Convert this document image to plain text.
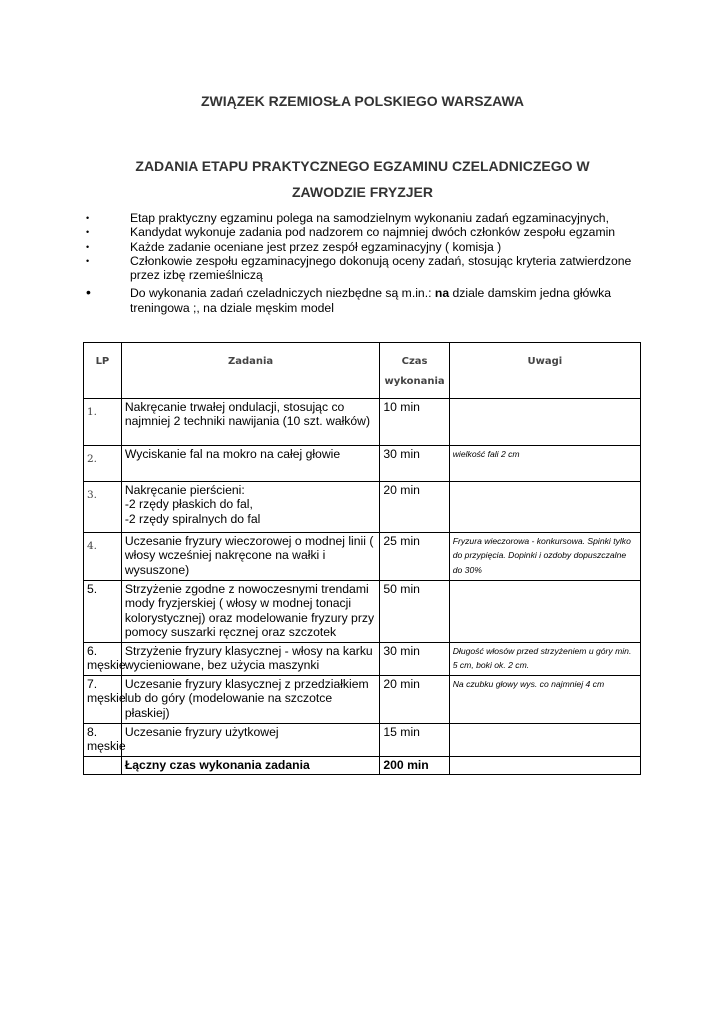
ZWIĄZEK RZEMIOSŁA POLSKIEGO WARSZAWA
ZADANIA ETAPU PRAKTYCZNEGO EGZAMINU CZELADNICZEGO W ZAWODZIE FRYZJER
•	Etap praktyczny egzaminu polega na samodzielnym wykonaniu zadań egzaminacyjnych,
•	Kandydat wykonuje zadania pod nadzorem co najmniej dwóch członków zespołu egzamin
•	Każde zadanie oceniane jest przez zespół egzaminacyjny ( komisja )
•	Członkowie zespołu egzaminacyjnego dokonują oceny zadań, stosując kryteria zatwierdzone przez izbę rzemieślniczą
•	Do wykonania zadań czeladniczych niezbędne są m.in.: na dziale damskim jedna główka treningowa ;, na dziale męskim model
LP	Zadania	Czas wykonania	Uwagi
1.	Nakręcanie trwałej ondulacji, stosując co najmniej 2 techniki nawijania (10 szt. wałków)	10 min	
2.	Wyciskanie fal na mokro na całej głowie	30 min	wielkość fali 2 cm
3.	Nakręcanie pierścieni:
-2 rzędy płaskich do fal,
-2 rzędy spiralnych do fal	20 min	
4.	Uczesanie fryzury wieczorowej o modnej linii ( włosy wcześniej nakręcone na wałki i wysuszone)	25 min	Fryzura wieczorowa - konkursowa. Spinki tylko do przypięcia. Dopinki i ozdoby dopuszczalne do 30%
5.	Strzyżenie zgodne z nowoczesnymi trendami mody fryzjerskiej ( włosy w modnej tonacji kolorystycznej) oraz modelowanie fryzury przy pomocy suszarki ręcznej oraz szczotek	50 min	
6. męskie	Strzyżenie fryzury klasycznej - włosy na karku wycieniowane, bez użycia maszynki	30 min	Długość włosów przed strzyżeniem u góry min. 5 cm, boki ok. 2 cm.
7. męskie	Uczesanie fryzury klasycznej z przedziałkiem lub do góry (modelowanie na szczotce płaskiej)	20 min	Na czubku głowy wys. co najmniej 4 cm
8. męskie	Uczesanie fryzury użytkowej	15 min	
	Łączny czas wykonania zadania	200 min	
